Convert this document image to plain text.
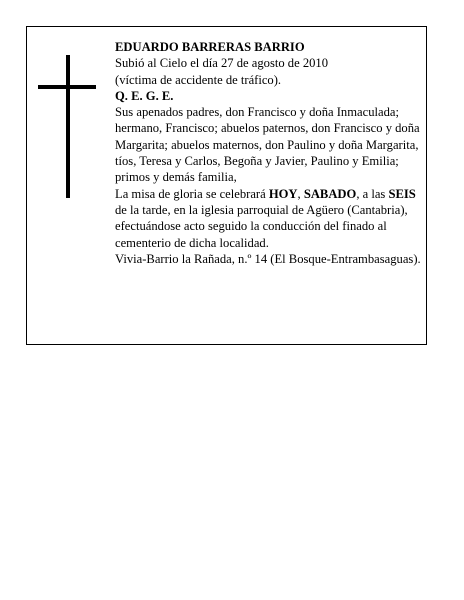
EDUARDO BARRERAS BARRIO

Subió al Cielo el día 27 de agosto de 2010

(víctima de accidente de tráfico).

Q. E. G. E.

Sus apenados padres, don Francisco y doña Inmaculada; hermano, Francisco; abuelos paternos, don Francisco y doña Margarita; abuelos maternos, don Paulino y doña Margarita, tíos, Teresa y Carlos, Begoña y Javier, Paulino y Emilia; primos y demás familia,

La misa de gloria se celebrará HOY, SABADO, a las SEIS de la tarde, en la iglesia parroquial de Agüero (Cantabria), efectuándose acto seguido la conducción del finado al cementerio de dicha localidad.

Vivia-Barrio la Rañada, n.º 14 (El Bosque-Entrambasaguas).
